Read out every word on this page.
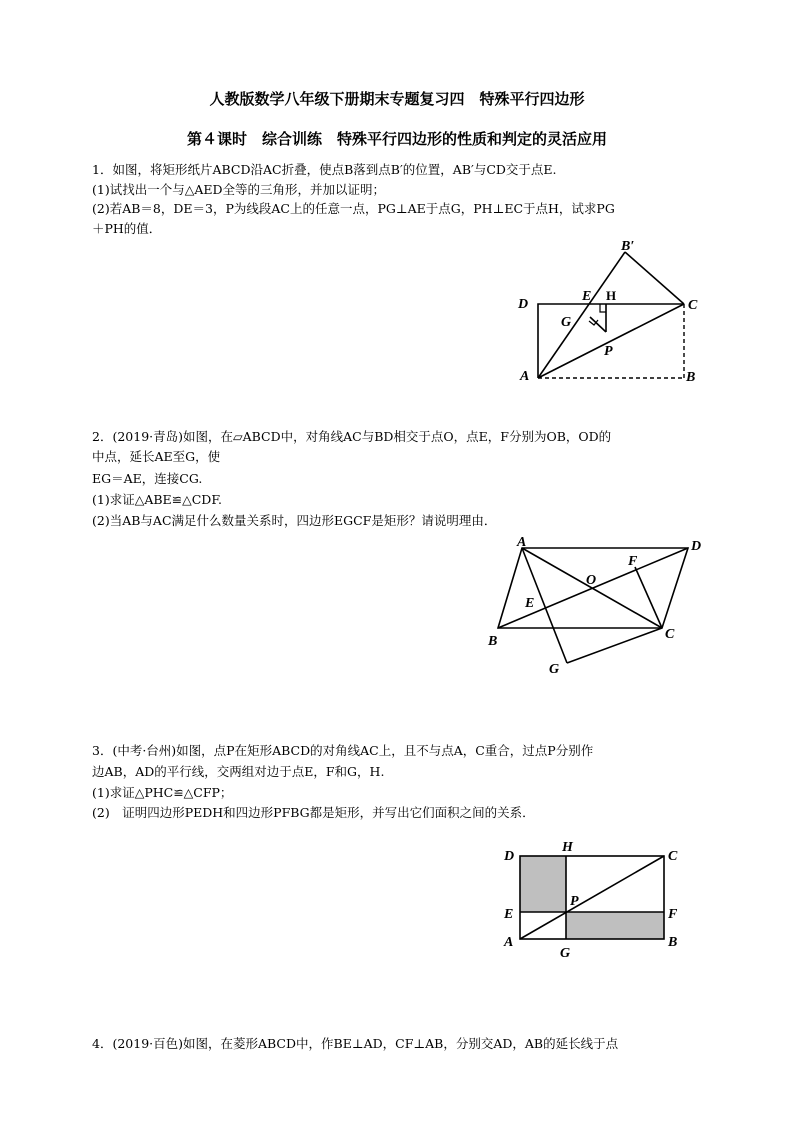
人教版数学八年级下册期末专题复习四　特殊平行四边形
第４课时　综合训练　特殊平行四边形的性质和判定的灵活应用
1．如图，将矩形纸片ABCD沿AC折叠，使点B落到点B′的位置，AB′与CD交于点E.
(1)试找出一个与△AED全等的三角形，并加以证明；
(2)若AB＝8，DE＝3，P为线段AC上的任意一点，PG⊥AE于点G，PH⊥EC于点H，试求PG
＋PH的值．
B′
D
E H
C
G
P
A	B
2．(2019·青岛)如图，在▱ABCD中，对角线AC与BD相交于点O，点E，F分别为OB，OD的
中点，延长AE至G，使
EG＝AE，连接CG.
(1)求证△ABE≌△CDF.
(2)当AB与AC满足什么数量关系时，四边形EGCF是矩形？请说明理由．
A	D
F
O
E
B	C
G
3．(中考·台州)如图，点P在矩形ABCD的对角线AC上，且不与点A，C重合，过点P分别作
边AB，AD的平行线，交两组对边于点E，F和G，H.
(1)求证△PHC≌△CFP；
(2)　证明四边形PEDH和四边形PFBG都是矩形，并写出它们面积之间的关系．
D
H
C
E
P
F
A
G
B
4．(2019·百色)如图，在菱形ABCD中，作BE⊥AD，CF⊥AB，分别交AD，AB的延长线于点
